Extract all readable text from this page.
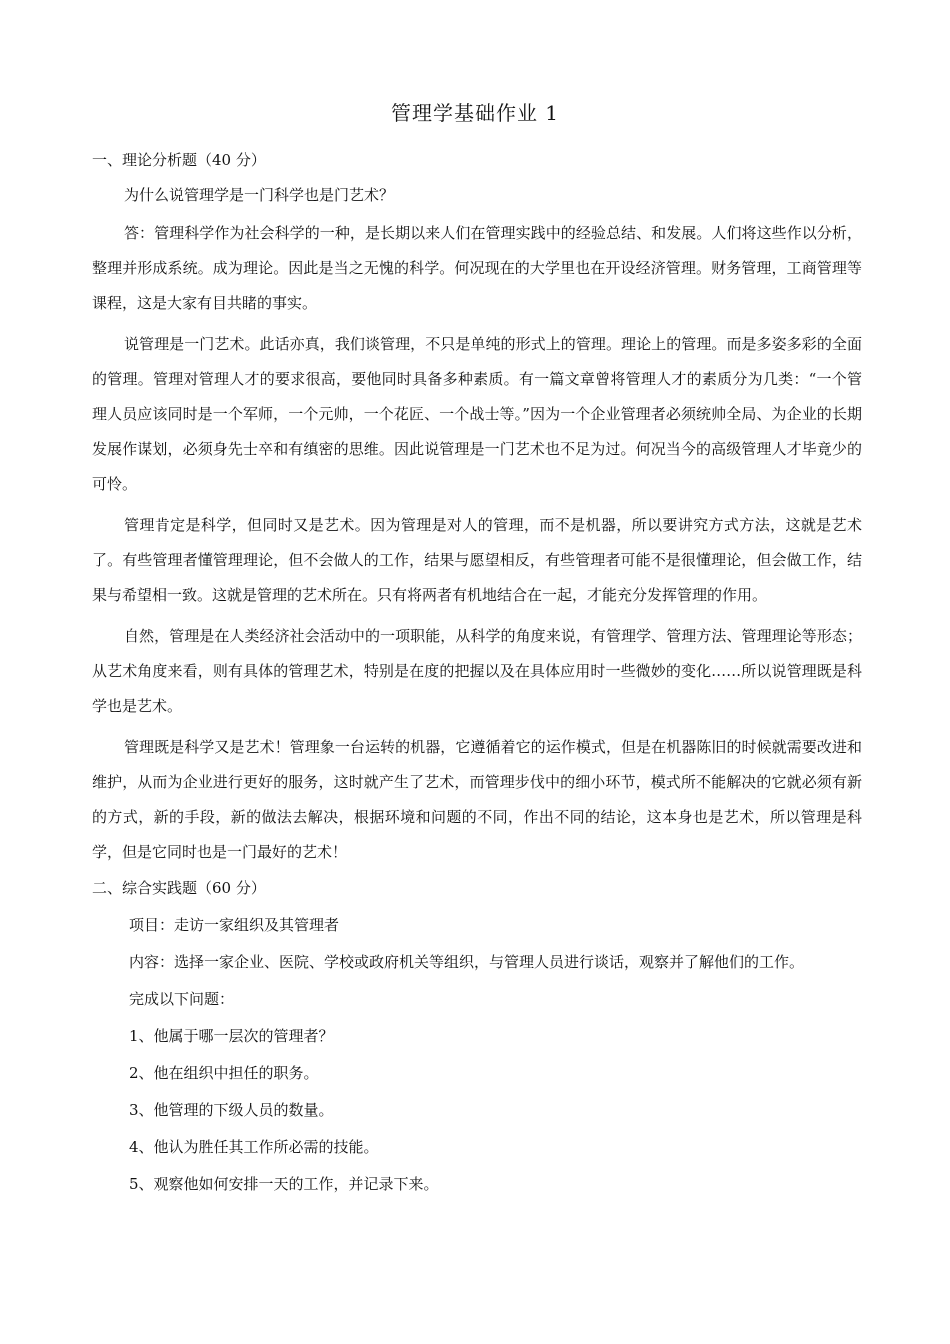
管理学基础作业 1

一、理论分析题（40 分）

为什么说管理学是一门科学也是门艺术？

答：管理科学作为社会科学的一种，是长期以来人们在管理实践中的经验总结、和发展。人们将这些作以分析，整理并形成系统。成为理论。因此是当之无愧的科学。何况现在的大学里也在开设经济管理。财务管理，工商管理等课程，这是大家有目共睹的事实。

说管理是一门艺术。此话亦真，我们谈管理，不只是单纯的形式上的管理。理论上的管理。而是多姿多彩的全面的管理。管理对管理人才的要求很高，要他同时具备多种素质。有一篇文章曾将管理人才的素质分为几类：“一个管理人员应该同时是一个军师，一个元帅，一个花匠、一个战士等。”因为一个企业管理者必须统帅全局、为企业的长期发展作谋划，必须身先士卒和有缜密的思维。因此说管理是一门艺术也不足为过。何况当今的高级管理人才毕竟少的可怜。

管理肯定是科学，但同时又是艺术。因为管理是对人的管理，而不是机器，所以要讲究方式方法，这就是艺术了。有些管理者懂管理理论，但不会做人的工作，结果与愿望相反，有些管理者可能不是很懂理论，但会做工作，结果与希望相一致。这就是管理的艺术所在。只有将两者有机地结合在一起，才能充分发挥管理的作用。

自然，管理是在人类经济社会活动中的一项职能，从科学的角度来说，有管理学、管理方法、管理理论等形态；从艺术角度来看，则有具体的管理艺术，特别是在度的把握以及在具体应用时一些微妙的变化……所以说管理既是科学也是艺术。

管理既是科学又是艺术！管理象一台运转的机器，它遵循着它的运作模式，但是在机器陈旧的时候就需要改进和维护，从而为企业进行更好的服务，这时就产生了艺术，而管理步伐中的细小环节，模式所不能解决的它就必须有新的方式，新的手段，新的做法去解决，根据环境和问题的不同，作出不同的结论，这本身也是艺术，所以管理是科学，但是它同时也是一门最好的艺术！

二、综合实践题（60 分）

项目：走访一家组织及其管理者

内容：选择一家企业、医院、学校或政府机关等组织，与管理人员进行谈话，观察并了解他们的工作。

完成以下问题：

1、他属于哪一层次的管理者？

2、他在组织中担任的职务。

3、他管理的下级人员的数量。

4、他认为胜任其工作所必需的技能。

5、观察他如何安排一天的工作，并记录下来。
